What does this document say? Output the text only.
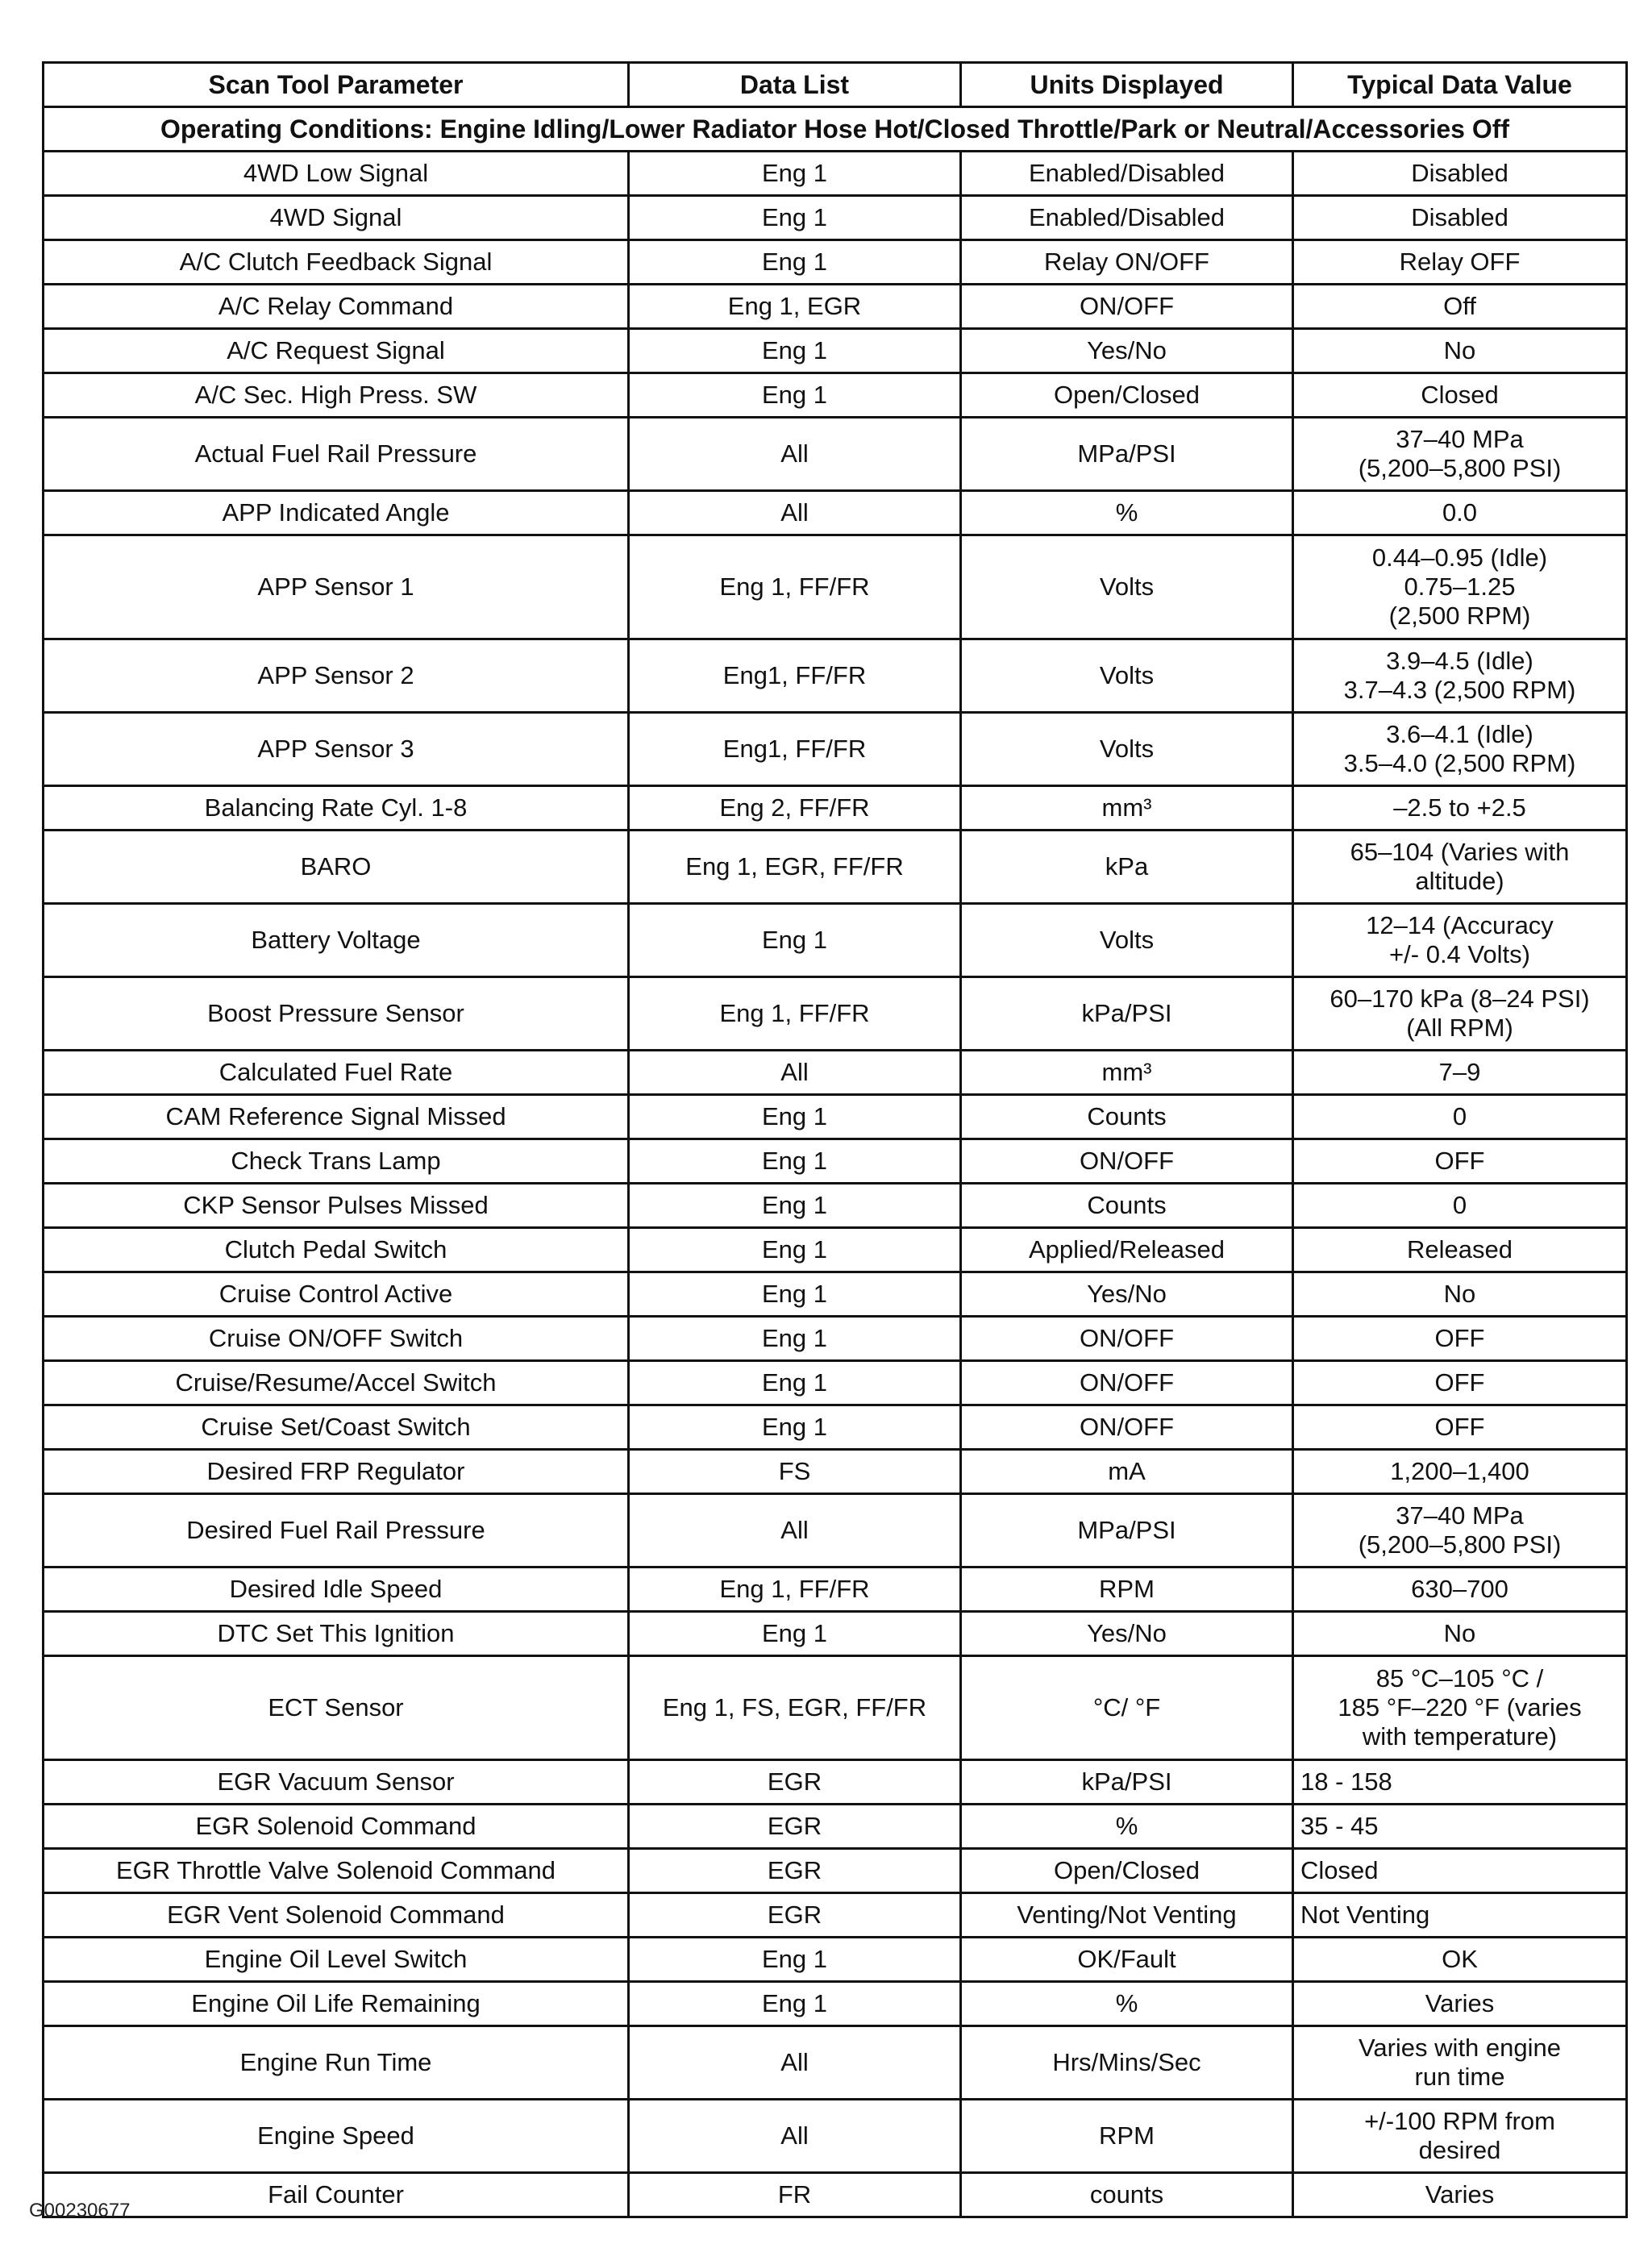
Scan Tool Parameter	Data List	Units Displayed	Typical Data Value
Operating Conditions: Engine Idling/Lower Radiator Hose Hot/Closed Throttle/Park or Neutral/Accessories Off			
4WD Low Signal	Eng 1	Enabled/Disabled	Disabled
4WD Signal	Eng 1	Enabled/Disabled	Disabled
A/C Clutch Feedback Signal	Eng 1	Relay ON/OFF	Relay OFF
A/C Relay Command	Eng 1, EGR	ON/OFF	Off
A/C Request Signal	Eng 1	Yes/No	No
A/C Sec. High Press. SW	Eng 1	Open/Closed	Closed
Actual Fuel Rail Pressure	All	MPa/PSI	37–40 MPa
(5,200–5,800 PSI)
APP Indicated Angle	All	%	0.0
APP Sensor 1	Eng 1, FF/FR	Volts	0.44–0.95 (Idle)
0.75–1.25
(2,500 RPM)
APP Sensor 2	Eng1, FF/FR	Volts	3.9–4.5 (Idle)
3.7–4.3 (2,500 RPM)
APP Sensor 3	Eng1, FF/FR	Volts	3.6–4.1 (Idle)
3.5–4.0 (2,500 RPM)
Balancing Rate Cyl. 1-8	Eng 2, FF/FR	mm³	–2.5 to +2.5
BARO	Eng 1, EGR, FF/FR	kPa	65–104 (Varies with
altitude)
Battery Voltage	Eng 1	Volts	12–14 (Accuracy
+/- 0.4 Volts)
Boost Pressure Sensor	Eng 1, FF/FR	kPa/PSI	60–170 kPa (8–24 PSI)
(All RPM)
Calculated Fuel Rate	All	mm³	7–9
CAM Reference Signal Missed	Eng 1	Counts	0
Check Trans Lamp	Eng 1	ON/OFF	OFF
CKP Sensor Pulses Missed	Eng 1	Counts	0
Clutch Pedal Switch	Eng 1	Applied/Released	Released
Cruise Control Active	Eng 1	Yes/No	No
Cruise ON/OFF Switch	Eng 1	ON/OFF	OFF
Cruise/Resume/Accel Switch	Eng 1	ON/OFF	OFF
Cruise Set/Coast Switch	Eng 1	ON/OFF	OFF
Desired FRP Regulator	FS	mA	1,200–1,400
Desired Fuel Rail Pressure	All	MPa/PSI	37–40 MPa
(5,200–5,800 PSI)
Desired Idle Speed	Eng 1, FF/FR	RPM	630–700
DTC Set This Ignition	Eng 1	Yes/No	No
ECT Sensor	Eng 1, FS, EGR, FF/FR	°C/ °F	85 °C–105 °C /
185 °F–220 °F (varies
with temperature)
EGR Vacuum Sensor	EGR	kPa/PSI	18 - 158
EGR Solenoid Command	EGR	%	35 - 45
EGR Throttle Valve Solenoid Command	EGR	Open/Closed	Closed
EGR Vent Solenoid Command	EGR	Venting/Not Venting	Not Venting
Engine Oil Level Switch	Eng 1	OK/Fault	OK
Engine Oil Life Remaining	Eng 1	%	Varies
Engine Run Time	All	Hrs/Mins/Sec	Varies with engine
run time
Engine Speed	All	RPM	+/-100 RPM from
desired
Fail Counter	FR	counts	Varies
G00230677
